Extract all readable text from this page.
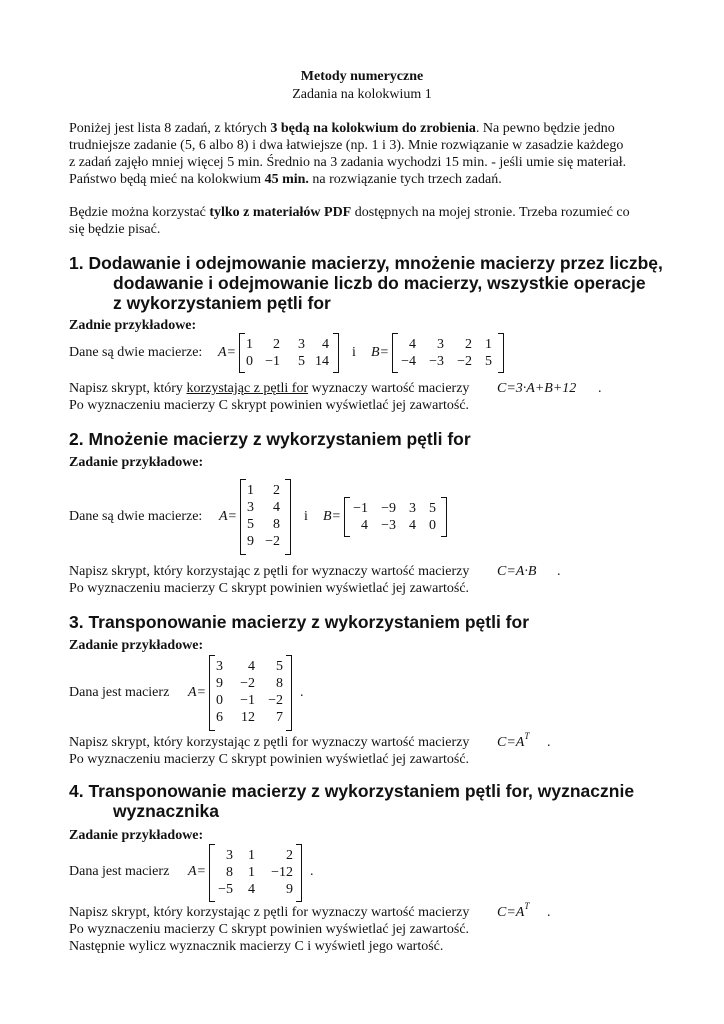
Metody numeryczne
Zadania na kolokwium 1
Poniżej jest lista 8 zadań, z których 3 będą na kolokwium do zrobienia. Na pewno będzie jedno
trudniejsze zadanie (5, 6 albo 8) i dwa łatwiejsze (np. 1 i 3). Mnie rozwiązanie w zasadzie każdego
z zadań zajęło mniej więcej 5 min. Średnio na 3 zadania wychodzi 15 min. - jeśli umie się materiał.
Państwo będą mieć na kolokwium 45 min. na rozwiązanie tych trzech zadań.
Będzie można korzystać tylko z materiałów PDF dostępnych na mojej stronie. Trzeba rozumieć co
się będzie pisać.
1. Dodawanie i odejmowanie macierzy, mnożenie macierzy przez liczbę,
dodawanie i odejmowanie liczb do macierzy, wszystkie operacje
z wykorzystaniem pętli for
Zadnie przykładowe:
Dane są dwie macierze: A=
1	2	3	4
0 −1	5 14
i B=
4	3	2 1
−4 −3 −2 5
Napisz skrypt, który korzystając z pętli for wyznaczy wartość macierzy C=3·A+B+12 .
Po wyznaczeniu macierzy C skrypt powinien wyświetlać jej zawartość.
2. Mnożenie macierzy z wykorzystaniem pętli for
Zadanie przykładowe:
Dane są dwie macierze: A=
1	2
3	4
5	8
9 −2
i B=
−1 −9 3 5
4 −3 4 0
Napisz skrypt, który korzystając z pętli for wyznaczy wartość macierzy C=A·B .
Po wyznaczeniu macierzy C skrypt powinien wyświetlać jej zawartość.
3. Transponowanie macierzy z wykorzystaniem pętli for
Zadanie przykładowe:
Dana jest macierz A=
3	4	5
9	−2	8
0	−1 −2
6	12	7
.
Napisz skrypt, który korzystając z pętli for wyznaczy wartość macierzy $C=A^T$ .
Po wyznaczeniu macierzy C skrypt powinien wyświetlać jej zawartość.
4. Transponowanie macierzy z wykorzystaniem pętli for, wyznacznie
wyznacznika
Zadanie przykładowe:
Dana jest macierz A=
3	1	2
8	1	−12
−5	4	9
.
Napisz skrypt, który korzystając z pętli for wyznaczy wartość macierzy $C=A^T$ .
Po wyznaczeniu macierzy C skrypt powinien wyświetlać jej zawartość.
Następnie wylicz wyznacznik macierzy C i wyświetl jego wartość.
